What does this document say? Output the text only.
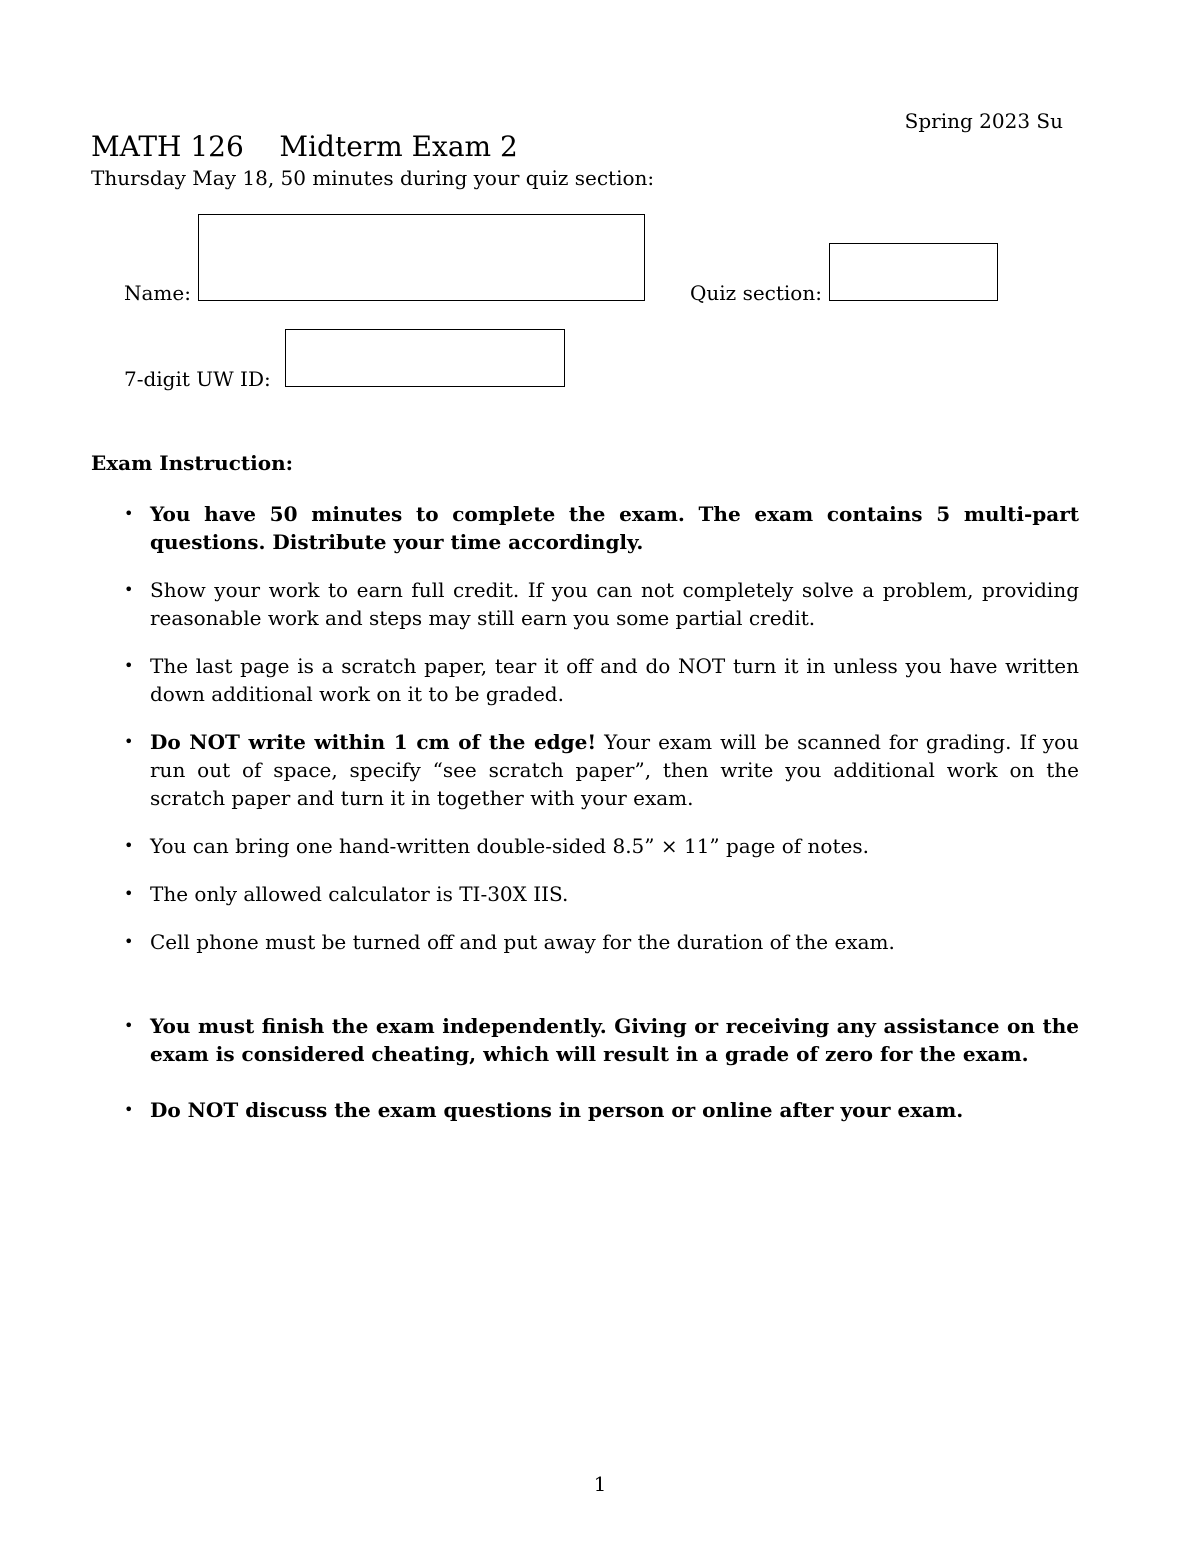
Spring 2023 Su
MATH 126    Midterm Exam 2
Thursday May 18, 50 minutes during your quiz section:
Name:	Quiz section:
7-digit UW ID:
Exam Instruction:
• You have 50 minutes to complete the exam. The exam contains 5 multi-part questions. Distribute your time accordingly.
• Show your work to earn full credit. If you can not completely solve a problem, providing reasonable work and steps may still earn you some partial credit.
• The last page is a scratch paper, tear it off and do NOT turn it in unless you have written down additional work on it to be graded.
• Do NOT write within 1 cm of the edge! Your exam will be scanned for grading. If you run out of space, specify “see scratch paper”, then write you additional work on the scratch paper and turn it in together with your exam.
• You can bring one hand-written double-sided 8.5” × 11” page of notes.
• The only allowed calculator is TI-30X IIS.
• Cell phone must be turned off and put away for the duration of the exam.
• You must finish the exam independently. Giving or receiving any assistance on the exam is considered cheating, which will result in a grade of zero for the exam.
• Do NOT discuss the exam questions in person or online after your exam.
1
